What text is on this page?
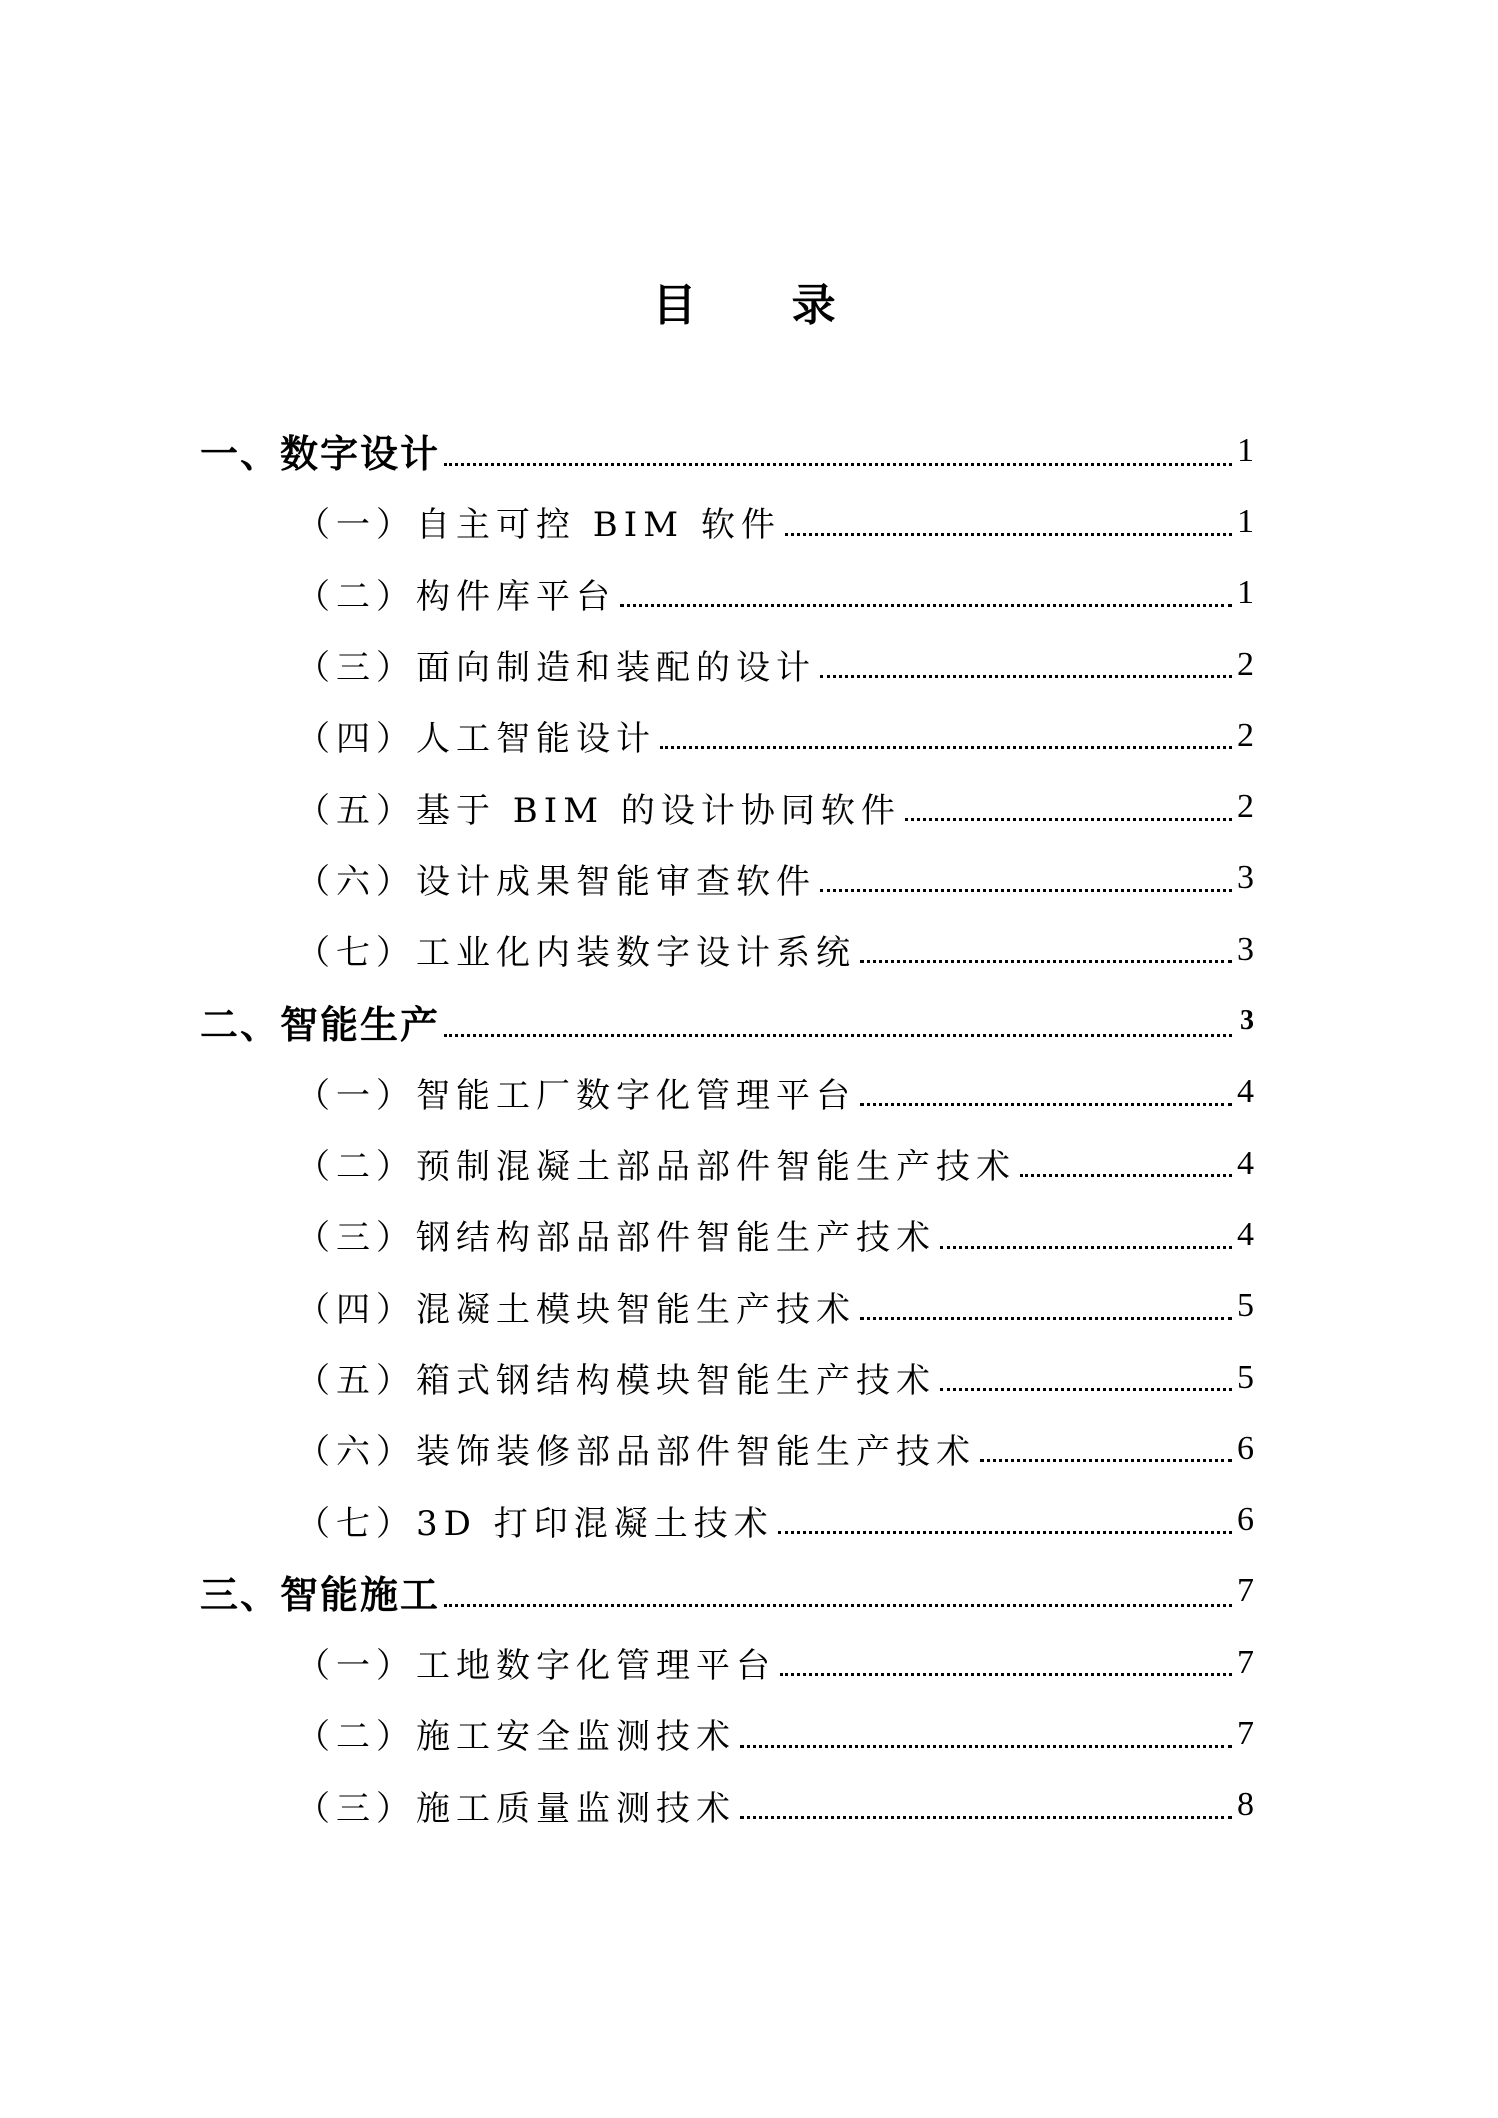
目 录
一、数字设计	1
（一）自主可控 BIM 软件	1
（二）构件库平台	1
（三）面向制造和装配的设计	2
（四）人工智能设计	2
（五）基于 BIM 的设计协同软件	2
（六）设计成果智能审查软件	3
（七）工业化内装数字设计系统	3
二、智能生产	3
（一）智能工厂数字化管理平台	4
（二）预制混凝土部品部件智能生产技术	4
（三）钢结构部品部件智能生产技术	4
（四）混凝土模块智能生产技术	5
（五）箱式钢结构模块智能生产技术	5
（六）装饰装修部品部件智能生产技术	6
（七）3D 打印混凝土技术	6
三、智能施工	7
（一）工地数字化管理平台	7
（二）施工安全监测技术	7
（三）施工质量监测技术	8
